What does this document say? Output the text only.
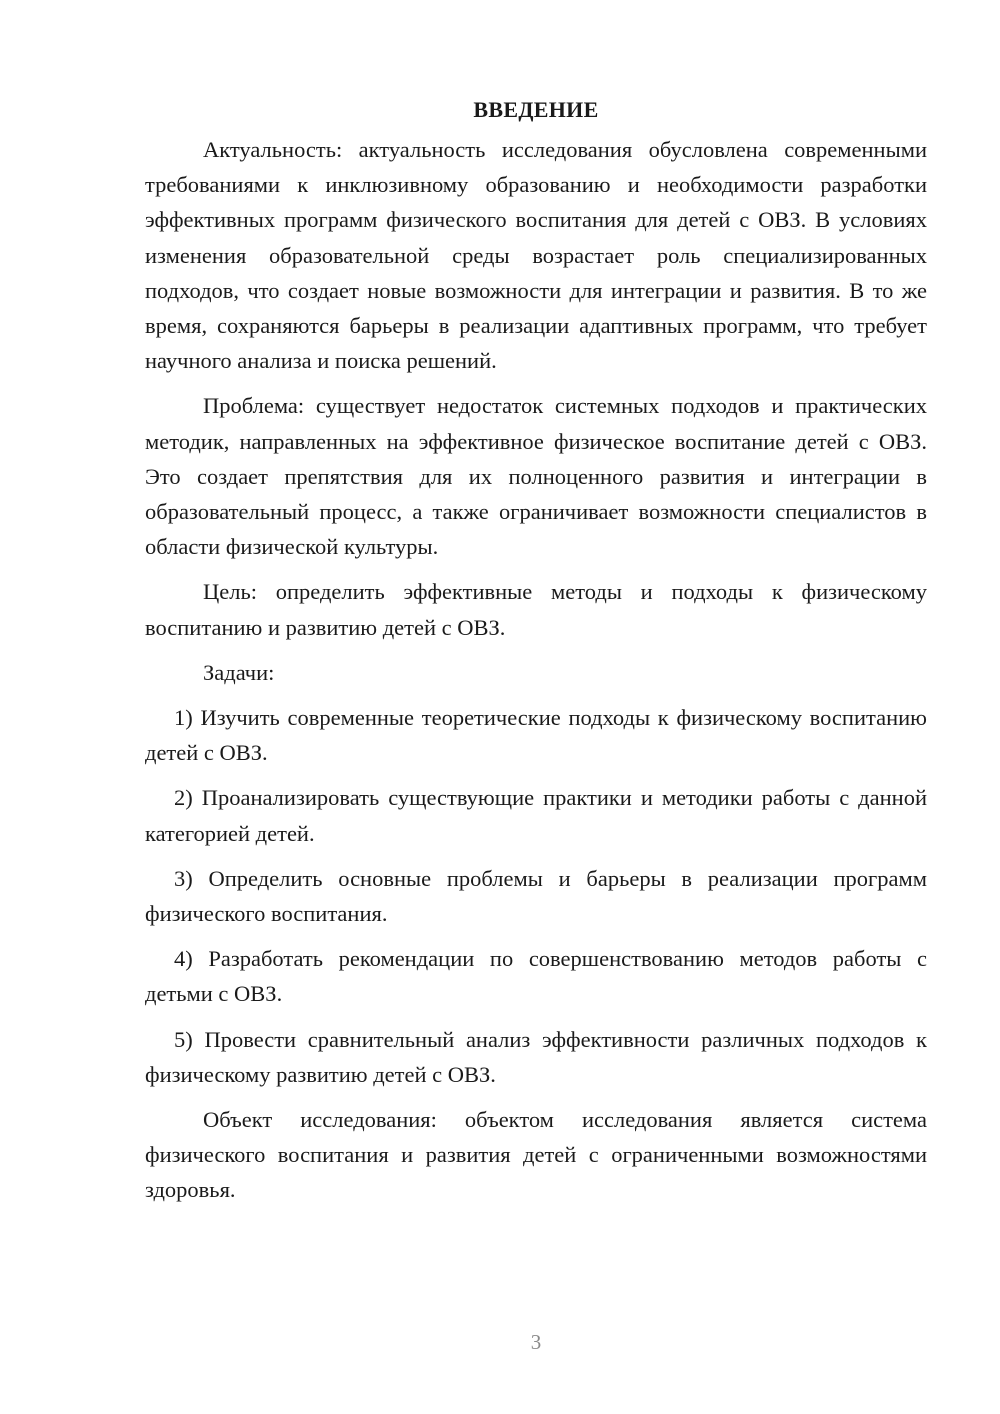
ВВЕДЕНИЕ

Актуальность: актуальность исследования обусловлена современными требованиями к инклюзивному образованию и необходимости разработки эффективных программ физического воспитания для детей с ОВЗ. В условиях изменения образовательной среды возрастает роль специализированных подходов, что создает новые возможности для интеграции и развития. В то же время, сохраняются барьеры в реализации адаптивных программ, что требует научного анализа и поиска решений.

Проблема: существует недостаток системных подходов и практических методик, направленных на эффективное физическое воспитание детей с ОВЗ. Это создает препятствия для их полноценного развития и интеграции в образовательный процесс, а также ограничивает возможности специалистов в области физической культуры.

Цель: определить эффективные методы и подходы к физическому воспитанию и развитию детей с ОВЗ.

Задачи:

1) Изучить современные теоретические подходы к физическому воспитанию детей с ОВЗ.

2) Проанализировать существующие практики и методики работы с данной категорией детей.

3) Определить основные проблемы и барьеры в реализации программ физического воспитания.

4) Разработать рекомендации по совершенствованию методов работы с детьми с ОВЗ.

5) Провести сравнительный анализ эффективности различных подходов к физическому развитию детей с ОВЗ.

Объект исследования: объектом исследования является система физического воспитания и развития детей с ограниченными возможностями здоровья.

3
